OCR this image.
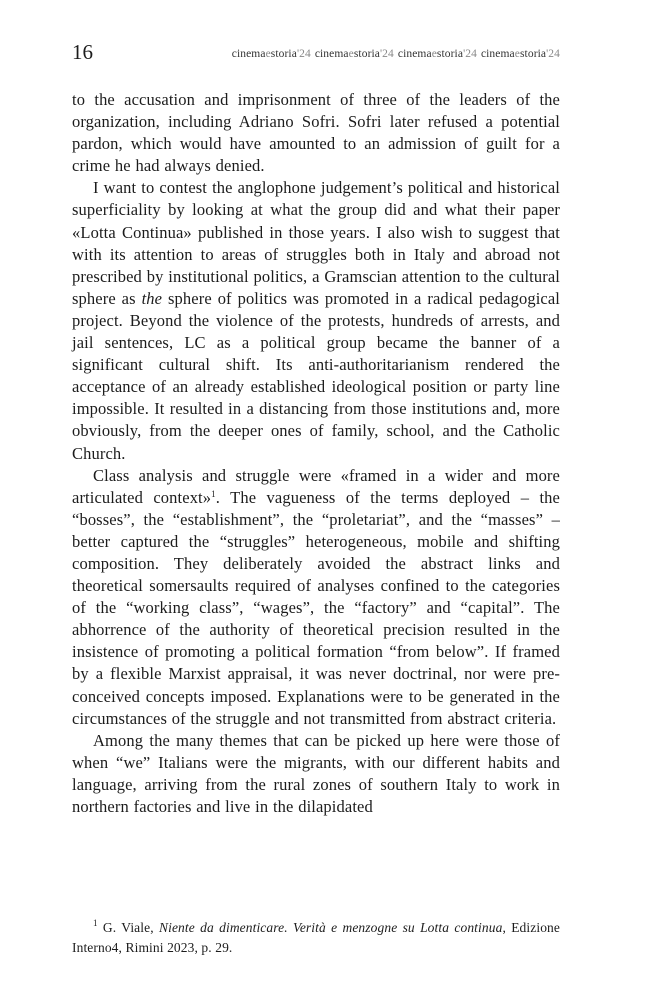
16	cinemaestoria'24 cinemaestoria'24 cinemaestoria'24 cinemaestoria'24

to the accusation and imprisonment of three of the leaders of the organization, including Adriano Sofri. Sofri later refused a potential pardon, which would have amounted to an admission of guilt for a crime he had always denied.

I want to contest the anglophone judgement’s political and historical superficiality by looking at what the group did and what their paper «Lotta Continua» published in those years. I also wish to suggest that with its attention to areas of struggles both in Italy and abroad not prescribed by institutional politics, a Gramscian attention to the cultural sphere as the sphere of politics was promoted in a radical pedagogical project. Beyond the violence of the protests, hundreds of arrests, and jail sentences, LC as a political group became the banner of a significant cultural shift. Its anti-authoritarianism rendered the acceptance of an already established ideological position or party line impossible. It resulted in a distancing from those institutions and, more obviously, from the deeper ones of family, school, and the Catholic Church.

Class analysis and struggle were «framed in a wider and more articulated context»$^1$. The vagueness of the terms deployed – the “bosses”, the “establishment”, the “proletariat”, and the “masses” – better captured the “struggles” heterogeneous, mobile and shifting composition. They deliberately avoided the abstract links and theoretical somersaults required of analyses confined to the categories of the “working class”, “wages”, the “factory” and “capital”. The abhorrence of the authority of theoretical precision resulted in the insistence of promoting a political formation “from below”. If framed by a flexible Marxist appraisal, it was never doctrinal, nor were pre-conceived concepts imposed. Explanations were to be generated in the circumstances of the struggle and not transmitted from abstract criteria.

Among the many themes that can be picked up here were those of when “we” Italians were the migrants, with our different habits and language, arriving from the rural zones of southern Italy to work in northern factories and live in the dilapidated

$^1$ G. Viale, Niente da dimenticare. Verità e menzogne su Lotta continua, Edizione Interno4, Rimini 2023, p. 29.
